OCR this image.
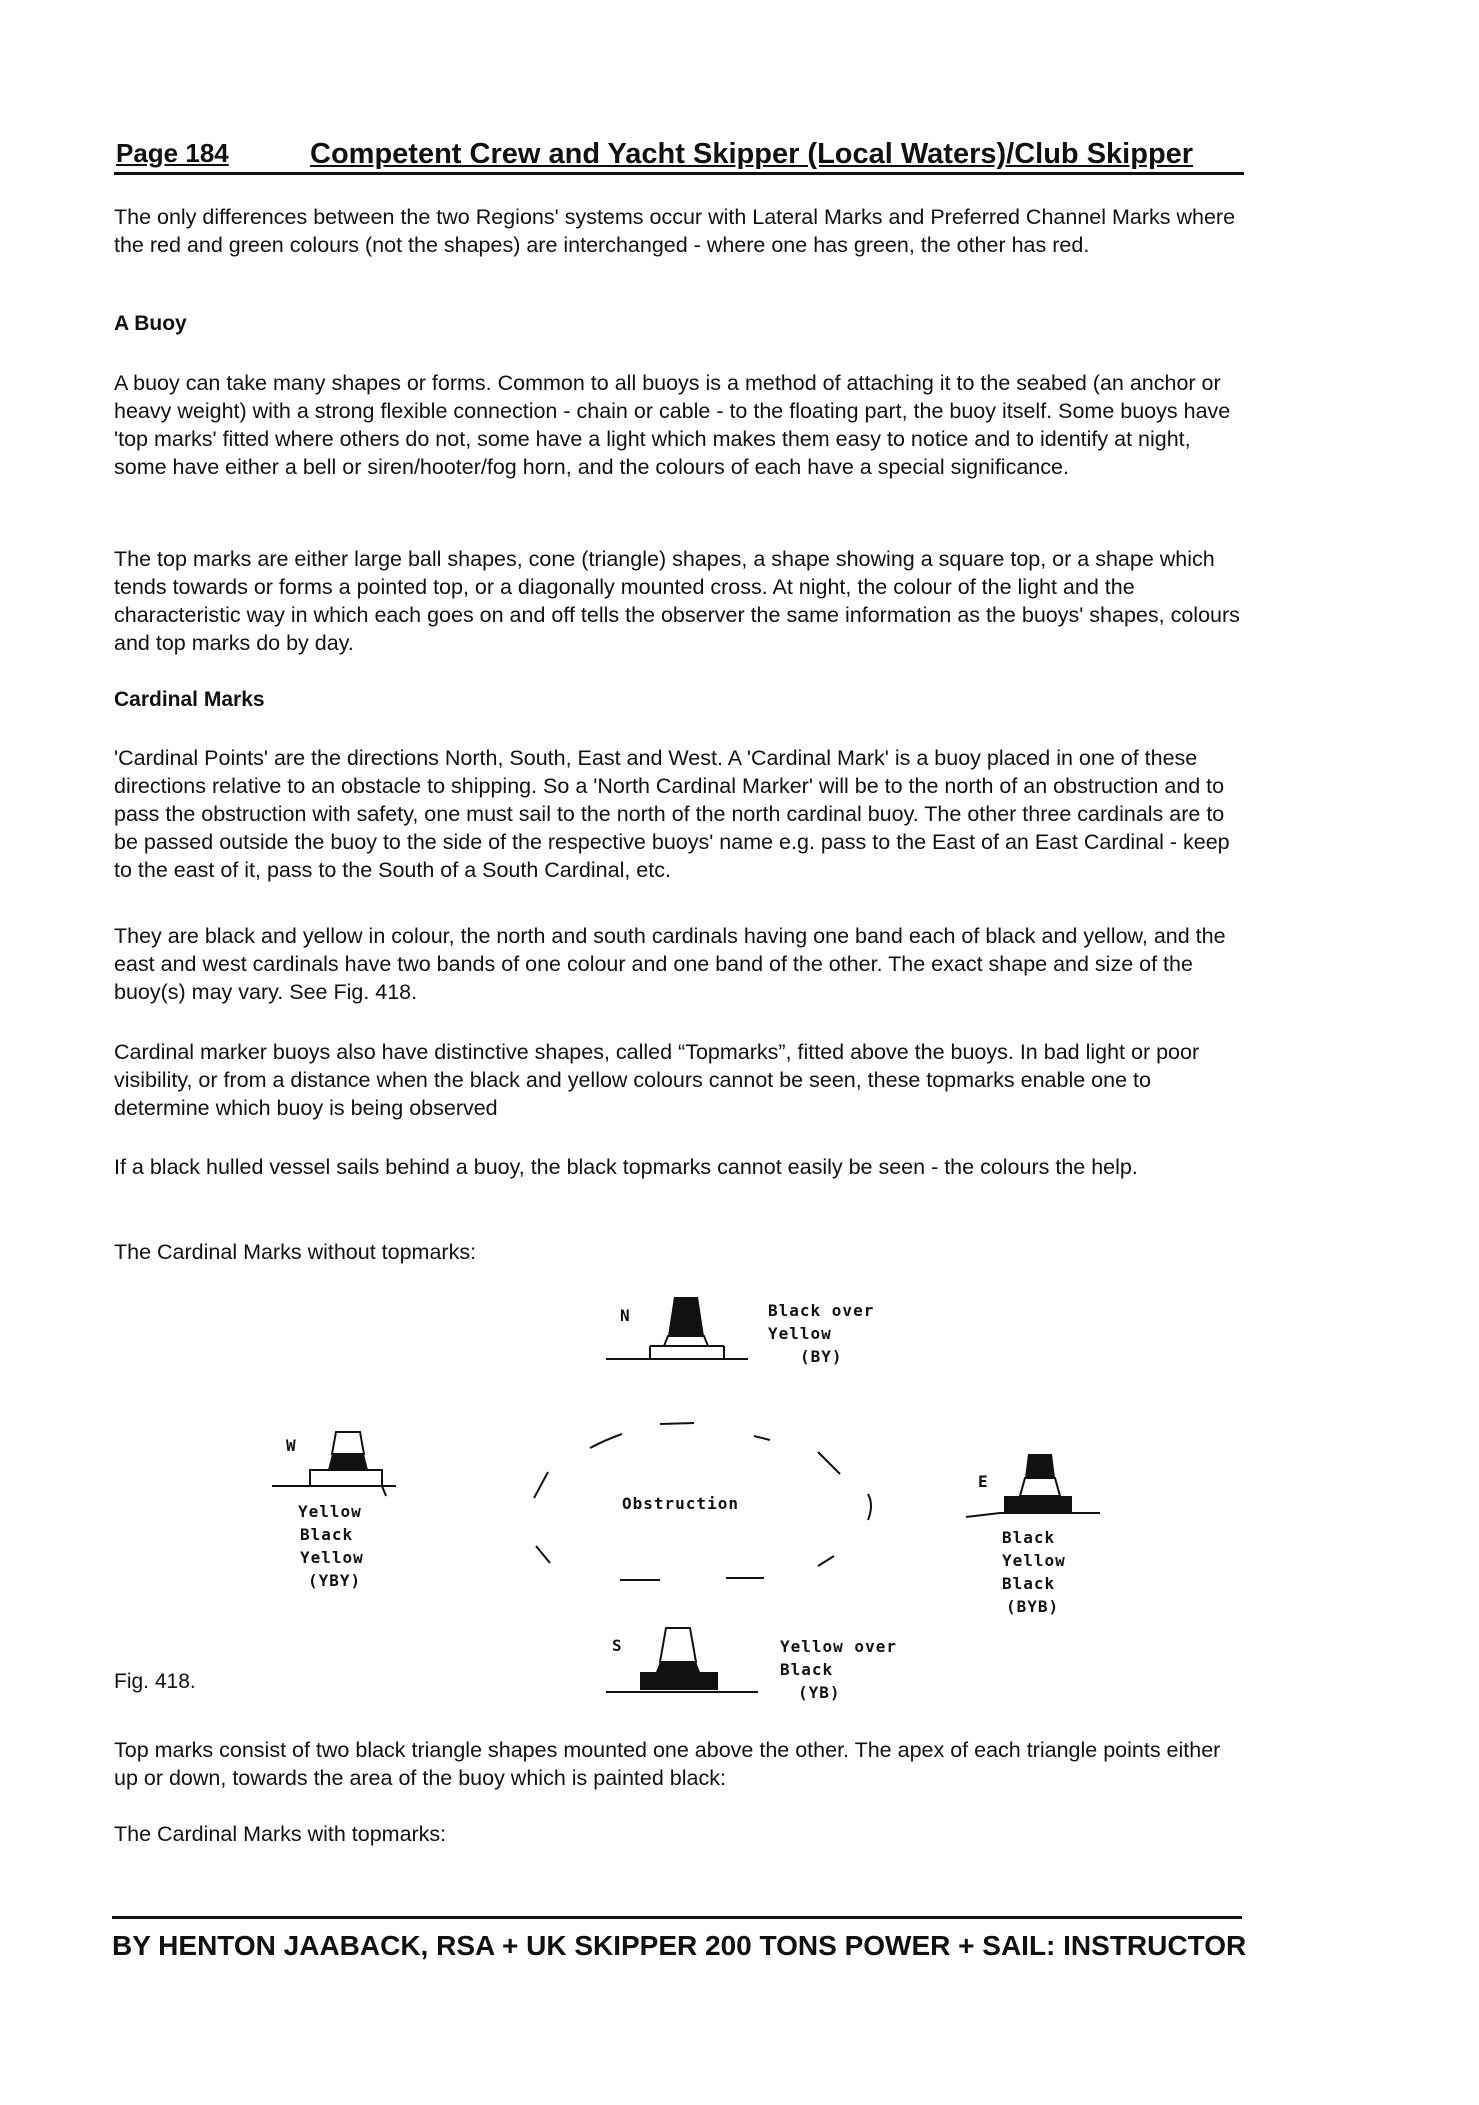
Page 184	Competent Crew and Yacht Skipper (Local Waters)/Club Skipper
The only differences between the two Regions' systems occur with Lateral Marks and Preferred Channel Marks where the red and green colours (not the shapes) are interchanged - where one has green, the other has red.
A Buoy
A buoy can take many shapes or forms. Common to all buoys is a method of attaching it to the seabed (an anchor or heavy weight) with a strong flexible connection - chain or cable - to the floating part, the buoy itself. Some buoys have 'top marks' fitted where others do not, some have a light which makes them easy to notice and to identify at night, some have either a bell or siren/hooter/fog horn, and the colours of each have a special significance.
The top marks are either large ball shapes, cone (triangle) shapes, a shape showing a square top, or a shape which tends towards or forms a pointed top, or a diagonally mounted cross. At night, the colour of the light and the characteristic way in which each goes on and off tells the observer the same information as the buoys' shapes, colours and top marks do by day.
Cardinal Marks
'Cardinal Points' are the directions North, South, East and West. A 'Cardinal Mark' is a buoy placed in one of these directions relative to an obstacle to shipping. So a 'North Cardinal Marker' will be to the north of an obstruction and to pass the obstruction with safety, one must sail to the north of the north cardinal buoy. The other three cardinals are to be passed outside the buoy to the side of the respective buoys' name e.g. pass to the East of an East Cardinal - keep to the east of it, pass to the South of a South Cardinal, etc.
They are black and yellow in colour, the north and south cardinals having one band each of black and yellow, and the east and west cardinals have two bands of one colour and one band of the other. The exact shape and size of the buoy(s) may vary. See Fig. 418.
Cardinal marker buoys also have distinctive shapes, called “Topmarks”, fitted above the buoys. In bad light or poor visibility, or from a distance when the black and yellow colours cannot be seen, these topmarks enable one to determine which buoy is being observed
If a black hulled vessel sails behind a buoy, the black topmarks cannot easily be seen - the colours the help.
The Cardinal Marks without topmarks:
N	Black over
Yellow
(BY)
W
Yellow
Black
Yellow
(YBY)
Obstruction
E
Black
Yellow
Black
(BYB)
S	Yellow over
Black
(YB)
Fig. 418.
Top marks consist of two black triangle shapes mounted one above the other. The apex of each triangle points either up or down, towards the area of the buoy which is painted black:
The Cardinal Marks with topmarks:
BY HENTON JAABACK, RSA + UK SKIPPER 200 TONS POWER + SAIL: INSTRUCTOR
